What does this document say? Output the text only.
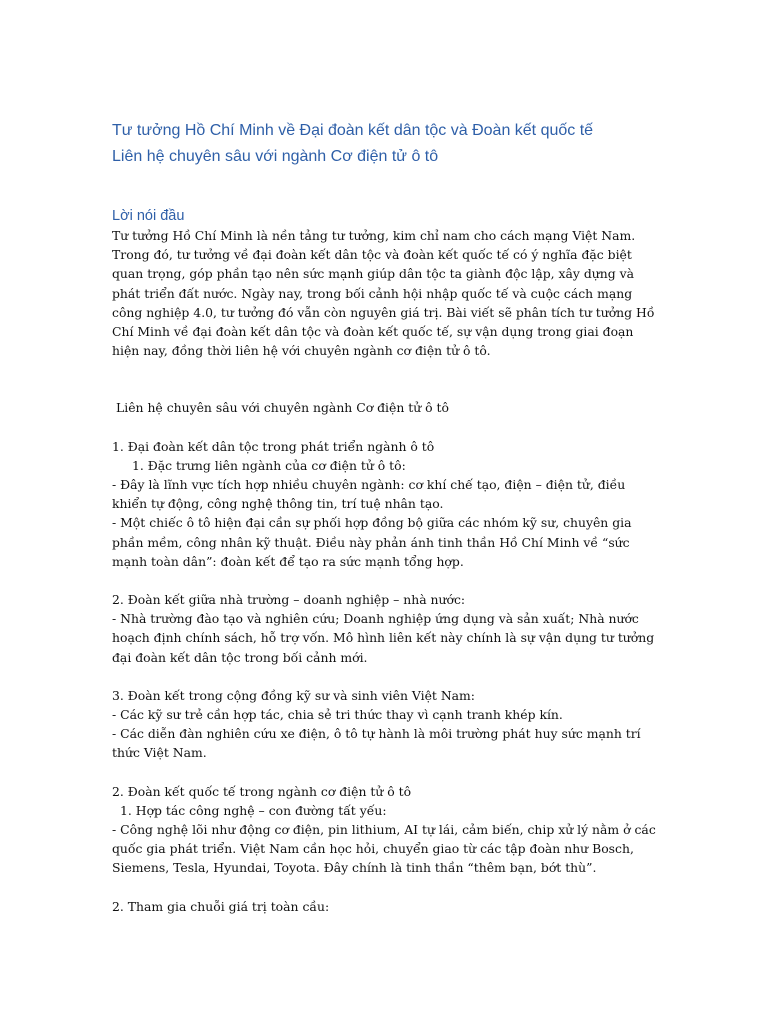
Tư tưởng Hồ Chí Minh về Đại đoàn kết dân tộc và Đoàn kết quốc tế

Liên hệ chuyên sâu với ngành Cơ điện tử ô tô

Lời nói đầu

Tư tưởng Hồ Chí Minh là nền tảng tư tưởng, kim chỉ nam cho cách mạng Việt Nam. Trong đó, tư tưởng về đại đoàn kết dân tộc và đoàn kết quốc tế có ý nghĩa đặc biệt quan trọng, góp phần tạo nên sức mạnh giúp dân tộc ta giành độc lập, xây dựng và phát triển đất nước. Ngày nay, trong bối cảnh hội nhập quốc tế và cuộc cách mạng công nghiệp 4.0, tư tưởng đó vẫn còn nguyên giá trị. Bài viết sẽ phân tích tư tưởng Hồ Chí Minh về đại đoàn kết dân tộc và đoàn kết quốc tế, sự vận dụng trong giai đoạn hiện nay, đồng thời liên hệ với chuyên ngành cơ điện tử ô tô.

Liên hệ chuyên sâu với chuyên ngành Cơ điện tử ô tô

1. Đại đoàn kết dân tộc trong phát triển ngành ô tô

1. Đặc trưng liên ngành của cơ điện tử ô tô:

- Đây là lĩnh vực tích hợp nhiều chuyên ngành: cơ khí chế tạo, điện – điện tử, điều khiển tự động, công nghệ thông tin, trí tuệ nhân tạo.

- Một chiếc ô tô hiện đại cần sự phối hợp đồng bộ giữa các nhóm kỹ sư, chuyên gia phần mềm, công nhân kỹ thuật. Điều này phản ánh tinh thần Hồ Chí Minh về “sức mạnh toàn dân”: đoàn kết để tạo ra sức mạnh tổng hợp.

2. Đoàn kết giữa nhà trường – doanh nghiệp – nhà nước:

- Nhà trường đào tạo và nghiên cứu; Doanh nghiệp ứng dụng và sản xuất; Nhà nước hoạch định chính sách, hỗ trợ vốn. Mô hình liên kết này chính là sự vận dụng tư tưởng đại đoàn kết dân tộc trong bối cảnh mới.

3. Đoàn kết trong cộng đồng kỹ sư và sinh viên Việt Nam:

- Các kỹ sư trẻ cần hợp tác, chia sẻ tri thức thay vì cạnh tranh khép kín.

- Các diễn đàn nghiên cứu xe điện, ô tô tự hành là môi trường phát huy sức mạnh trí thức Việt Nam.

2. Đoàn kết quốc tế trong ngành cơ điện tử ô tô

1. Hợp tác công nghệ – con đường tất yếu:

- Công nghệ lõi như động cơ điện, pin lithium, AI tự lái, cảm biến, chip xử lý nằm ở các quốc gia phát triển. Việt Nam cần học hỏi, chuyển giao từ các tập đoàn như Bosch, Siemens, Tesla, Hyundai, Toyota. Đây chính là tinh thần “thêm bạn, bớt thù”.

2. Tham gia chuỗi giá trị toàn cầu:
